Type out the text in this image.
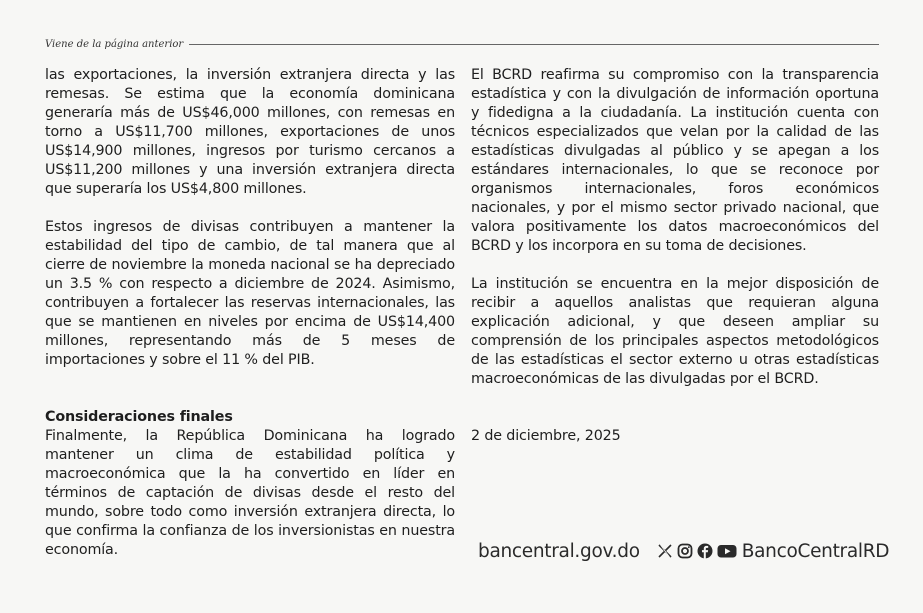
Viene de la página anterior

las exportaciones, la inversión extranjera directa y las remesas. Se estima que la economía dominicana generaría más de US$46,000 millones, con remesas en torno a US$11,700 millones, exportaciones de unos US$14,900 millones, ingresos por turismo cercanos a US$11,200 millones y una inversión extranjera directa que superaría los US$4,800 millones.

Estos ingresos de divisas contribuyen a mantener la estabilidad del tipo de cambio, de tal manera que al cierre de noviembre la moneda nacional se ha depreciado un 3.5 % con respecto a diciembre de 2024. Asimismo, contribuyen a fortalecer las reservas internacionales, las que se mantienen en niveles por encima de US$14,400 millones, representando más de 5 meses de importaciones y sobre el 11 % del PIB.

Consideraciones finales

Finalmente, la República Dominicana ha logrado mantener un clima de estabilidad política y macroeconómica que la ha convertido en líder en términos de captación de divisas desde el resto del mundo, sobre todo como inversión extranjera directa, lo que confirma la confianza de los inversionistas en nuestra economía.

El BCRD reafirma su compromiso con la transparencia estadística y con la divulgación de información oportuna y fidedigna a la ciudadanía. La institución cuenta con técnicos especializados que velan por la calidad de las estadísticas divulgadas al público y se apegan a los estándares internacionales, lo que se reconoce por organismos internacionales, foros económicos nacionales, y por el mismo sector privado nacional, que valora positivamente los datos macroeconómicos del BCRD y los incorpora en su toma de decisiones.

La institución se encuentra en la mejor disposición de recibir a aquellos analistas que requieran alguna explicación adicional, y que deseen ampliar su comprensión de los principales aspectos metodológicos de las estadísticas el sector externo u otras estadísticas macroeconómicas de las divulgadas por el BCRD.

2 de diciembre, 2025

bancentral.gov.do	BancoCentralRD
